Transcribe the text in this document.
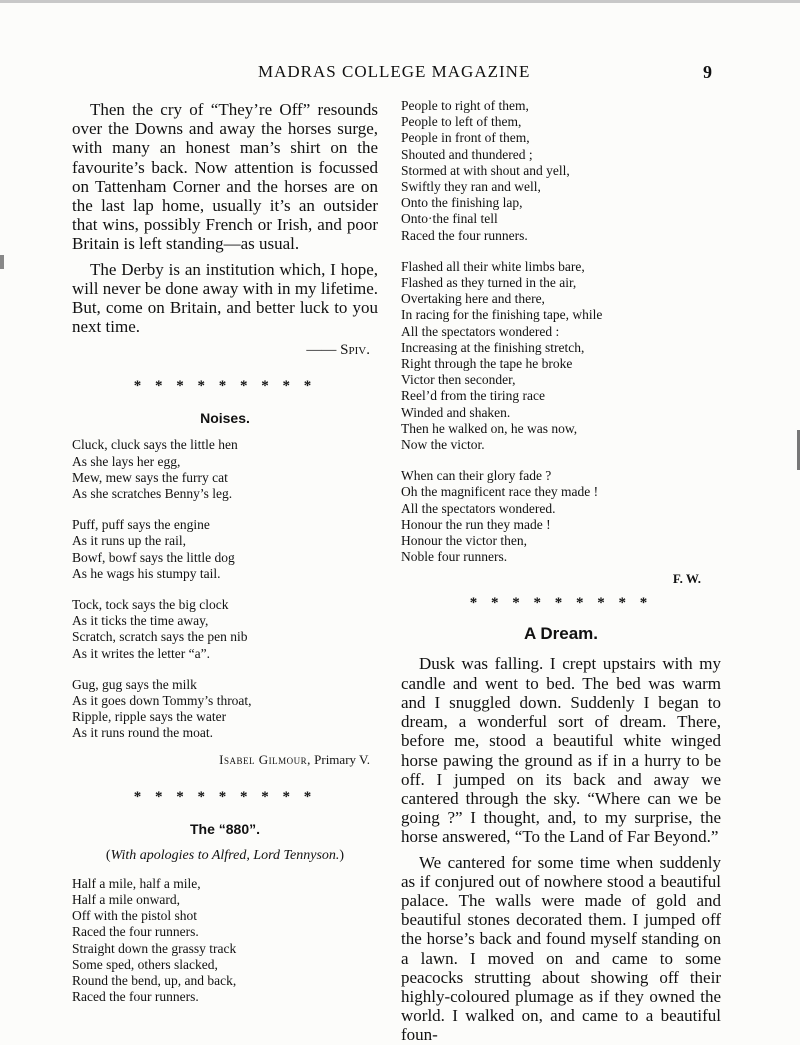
MADRAS COLLEGE MAGAZINE	9

Then the cry of “They’re Off” resounds over the Downs and away the horses surge, with many an honest man’s shirt on the favourite’s back. Now attention is focussed on Tattenham Corner and the horses are on the last lap home, usually it’s an outsider that wins, possibly French or Irish, and poor Britain is left standing—as usual.

The Derby is an institution which, I hope, will never be done away with in my lifetime. But, come on Britain, and better luck to you next time.

—— Spiv.
* * * * * * * * *
Noises.
Cluck, cluck says the little hen
As she lays her egg,
Mew, mew says the furry cat
As she scratches Benny’s leg.
Puff, puff says the engine
As it runs up the rail,
Bowf, bowf says the little dog
As he wags his stumpy tail.
Tock, tock says the big clock
As it ticks the time away,
Scratch, scratch says the pen nib
As it writes the letter “a”.
Gug, gug says the milk
As it goes down Tommy’s throat,
Ripple, ripple says the water
As it runs round the moat.
Isabel Gilmour, Primary V.
* * * * * * * * *
The “880”.
(With apologies to Alfred, Lord Tennyson.)
Half a mile, half a mile,
Half a mile onward,
Off with the pistol shot
Raced the four runners.
Straight down the grassy track
Some sped, others slacked,
Round the bend, up, and back,
Raced the four runners.
People to right of them,
People to left of them,
People in front of them,
Shouted and thundered ;
Stormed at with shout and yell,
Swiftly they ran and well,
Onto the finishing lap,
Onto·the final tell
Raced the four runners.
Flashed all their white limbs bare,
Flashed as they turned in the air,
Overtaking here and there,
In racing for the finishing tape, while
All the spectators wondered :
Increasing at the finishing stretch,
Right through the tape he broke
Victor then seconder,
Reel’d from the tiring race
Winded and shaken.
Then he walked on, he was now,
Now the victor.
When can their glory fade ?
Oh the magnificent race they made !
All the spectators wondered.
Honour the run they made !
Honour the victor then,
Noble four runners.
F. W.
* * * * * * * * *
A Dream.

Dusk was falling. I crept upstairs with my candle and went to bed. The bed was warm and I snuggled down. Suddenly I began to dream, a wonderful sort of dream. There, before me, stood a beautiful white winged horse pawing the ground as if in a hurry to be off. I jumped on its back and away we cantered through the sky. “Where can we be going ?” I thought, and, to my surprise, the horse answered, “To the Land of Far Beyond.”

We cantered for some time when suddenly as if conjured out of nowhere stood a beautiful palace. The walls were made of gold and beautiful stones decorated them. I jumped off the horse’s back and found myself standing on a lawn. I moved on and came to some peacocks strutting about showing off their highly-coloured plumage as if they owned the world. I walked on, and came to a beautiful foun-
